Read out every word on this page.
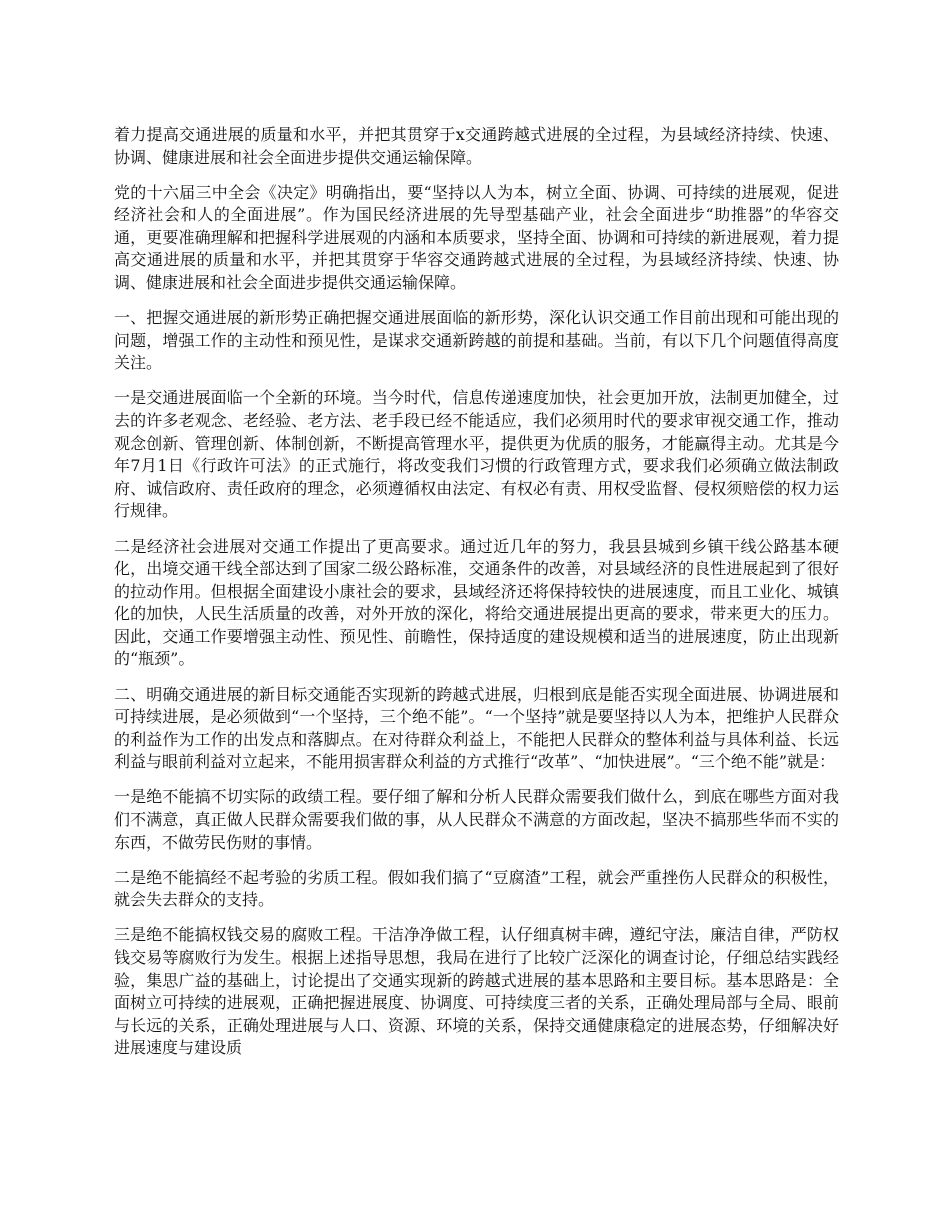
着力提高交通进展的质量和水平，并把其贯穿于x交通跨越式进展的全过程，为县域经济持续、快速、协调、健康进展和社会全面进步提供交通运输保障。

党的十六届三中全会《决定》明确指出，要“坚持以人为本，树立全面、协调、可持续的进展观，促进经济社会和人的全面进展”。作为国民经济进展的先导型基础产业，社会全面进步“助推器”的华容交通，更要准确理解和把握科学进展观的内涵和本质要求，坚持全面、协调和可持续的新进展观，着力提高交通进展的质量和水平，并把其贯穿于华容交通跨越式进展的全过程，为县域经济持续、快速、协调、健康进展和社会全面进步提供交通运输保障。

一、把握交通进展的新形势正确把握交通进展面临的新形势，深化认识交通工作目前出现和可能出现的问题，增强工作的主动性和预见性，是谋求交通新跨越的前提和基础。当前，有以下几个问题值得高度关注。

一是交通进展面临一个全新的环境。当今时代，信息传递速度加快，社会更加开放，法制更加健全，过去的许多老观念、老经验、老方法、老手段已经不能适应，我们必须用时代的要求审视交通工作，推动观念创新、管理创新、体制创新，不断提高管理水平，提供更为优质的服务，才能赢得主动。尤其是今年7月1日《行政许可法》的正式施行，将改变我们习惯的行政管理方式，要求我们必须确立做法制政府、诚信政府、责任政府的理念，必须遵循权由法定、有权必有责、用权受监督、侵权须赔偿的权力运行规律。

二是经济社会进展对交通工作提出了更高要求。通过近几年的努力，我县县城到乡镇干线公路基本硬化，出境交通干线全部达到了国家二级公路标准，交通条件的改善，对县域经济的良性进展起到了很好的拉动作用。但根据全面建设小康社会的要求，县域经济还将保持较快的进展速度，而且工业化、城镇化的加快，人民生活质量的改善，对外开放的深化，将给交通进展提出更高的要求，带来更大的压力。因此，交通工作要增强主动性、预见性、前瞻性，保持适度的建设规模和适当的进展速度，防止出现新的“瓶颈”。

二、明确交通进展的新目标交通能否实现新的跨越式进展，归根到底是能否实现全面进展、协调进展和可持续进展，是必须做到“一个坚持，三个绝不能”。“一个坚持”就是要坚持以人为本，把维护人民群众的利益作为工作的出发点和落脚点。在对待群众利益上，不能把人民群众的整体利益与具体利益、长远利益与眼前利益对立起来，不能用损害群众利益的方式推行“改革”、“加快进展”。“三个绝不能”就是：

一是绝不能搞不切实际的政绩工程。要仔细了解和分析人民群众需要我们做什么，到底在哪些方面对我们不满意，真正做人民群众需要我们做的事，从人民群众不满意的方面改起，坚决不搞那些华而不实的东西，不做劳民伤财的事情。

二是绝不能搞经不起考验的劣质工程。假如我们搞了“豆腐渣”工程，就会严重挫伤人民群众的积极性，就会失去群众的支持。

三是绝不能搞权钱交易的腐败工程。干洁净净做工程，认仔细真树丰碑，遵纪守法，廉洁自律，严防权钱交易等腐败行为发生。根据上述指导思想，我局在进行了比较广泛深化的调查讨论，仔细总结实践经验，集思广益的基础上，讨论提出了交通实现新的跨越式进展的基本思路和主要目标。基本思路是：全面树立可持续的进展观，正确把握进展度、协调度、可持续度三者的关系，正确处理局部与全局、眼前与长远的关系，正确处理进展与人口、资源、环境的关系，保持交通健康稳定的进展态势，仔细解决好进展速度与建设质
